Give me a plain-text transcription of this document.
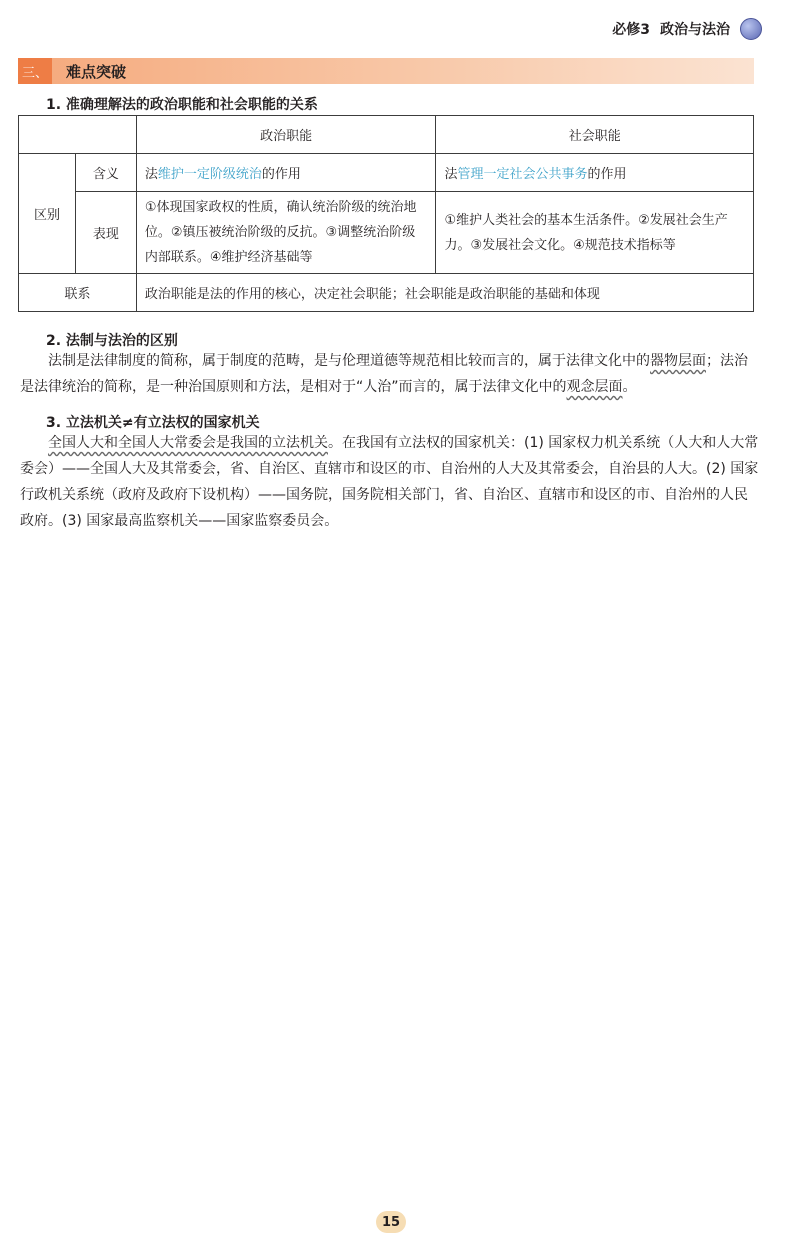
必修3 政治与法治
三、 难点突破
1. 准确理解法的政治职能和社会职能的关系
		政治职能	社会职能
区别	含义	法维护一定阶级统治的作用	法管理一定社会公共事务的作用
	表现	①体现国家政权的性质，确认统治阶级的统治地位。②镇压被统治阶级的反抗。③调整统治阶级内部联系。④维护经济基础等	①维护人类社会的基本生活条件。②发展社会生产力。③发展社会文化。④规范技术指标等
联系		政治职能是法的作用的核心，决定社会职能；社会职能是政治职能的基础和体现	
2. 法制与法治的区别
法制是法律制度的简称，属于制度的范畴，是与伦理道德等规范相比较而言的，属于法律文化中的器物层面；法治是法律统治的简称，是一种治国原则和方法，是相对于“人治”而言的，属于法律文化中的观念层面。
3. 立法机关≠有立法权的国家机关
全国人大和全国人大常委会是我国的立法机关。在我国有立法权的国家机关：(1) 国家权力机关系统（人大和人大常委会）——全国人大及其常委会，省、自治区、直辖市和设区的市、自治州的人大及其常委会，自治县的人大。(2) 国家行政机关系统（政府及政府下设机构）——国务院，国务院相关部门，省、自治区、直辖市和设区的市、自治州的人民政府。(3) 国家最高监察机关——国家监察委员会。
15
